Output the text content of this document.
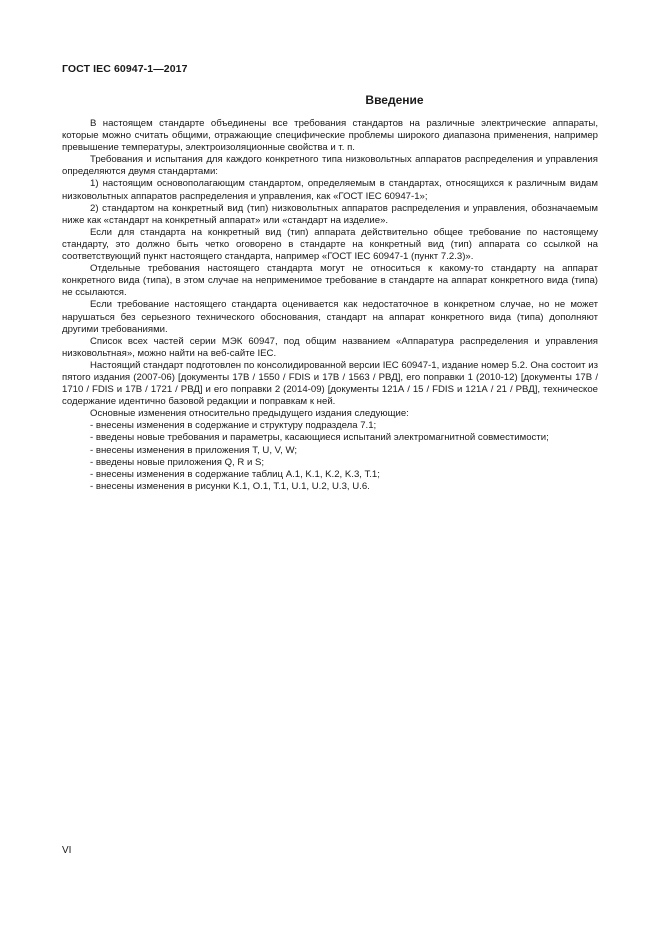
ГОСТ IEC 60947-1—2017
Введение

В настоящем стандарте объединены все требования стандартов на различные электрические аппараты, которые можно считать общими, отражающие специфические проблемы широкого диапазона применения, например превышение температуры, электроизоляционные свойства и т. п.

Требования и испытания для каждого конкретного типа низковольтных аппаратов распределения и управления определяются двумя стандартами:

1) настоящим основополагающим стандартом, определяемым в стандартах, относящихся к различным видам низковольтных аппаратов распределения и управления, как «ГОСТ IEC 60947-1»;

2) стандартом на конкретный вид (тип) низковольтных аппаратов распределения и управления, обозначаемым ниже как «стандарт на конкретный аппарат» или «стандарт на изделие».

Если для стандарта на конкретный вид (тип) аппарата действительно общее требование по настоящему стандарту, это должно быть четко оговорено в стандарте на конкретный вид (тип) аппарата со ссылкой на соответствующий пункт настоящего стандарта, например «ГОСТ IEC 60947-1 (пункт 7.2.3)».

Отдельные требования настоящего стандарта могут не относиться к какому-то стандарту на аппарат конкретного вида (типа), в этом случае на неприменимое требование в стандарте на аппарат конкретного вида (типа) не ссылаются.

Если требование настоящего стандарта оценивается как недостаточное в конкретном случае, но не может нарушаться без серьезного технического обоснования, стандарт на аппарат конкретного вида (типа) дополняют другими требованиями.

Список всех частей серии МЭК 60947, под общим названием «Аппаратура распределения и управления низковольтная», можно найти на веб-сайте IEC.

Настоящий стандарт подготовлен по консолидированной версии IEC 60947-1, издание номер 5.2. Она состоит из пятого издания (2007-06) [документы 17В / 1550 / FDIS и 17В / 1563 / РВД], его поправки 1 (2010-12) [документы 17В / 1710 / FDIS и 17В / 1721 / РВД] и его поправки 2 (2014-09) [документы 121А / 15 / FDIS и 121А / 21 / РВД], техническое содержание идентично базовой редакции и поправкам к ней.

Основные изменения относительно предыдущего издания следующие:

- внесены изменения в содержание и структуру подраздела 7.1;

- введены новые требования и параметры, касающиеся испытаний электромагнитной совместимости;

- внесены изменения в приложения T, U, V, W;

- введены новые приложения Q, R и S;

- внесены изменения в содержание таблиц А.1, K.1, K.2, K.3, T.1;

- внесены изменения в рисунки K.1, O.1, T.1, U.1, U.2, U.3, U.6.

VI
